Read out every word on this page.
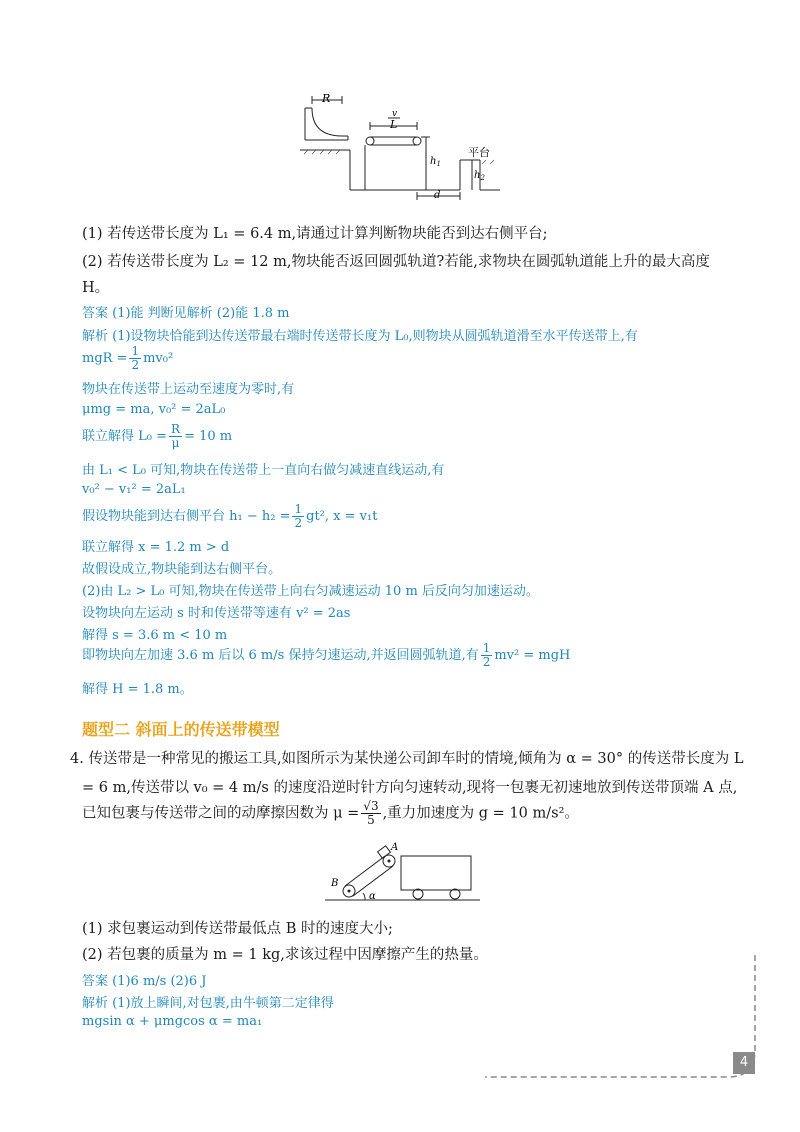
R
v
L
$h_1$
$h_2$
d
平台
(1) 若传送带长度为 L₁ = 6.4 m,请通过计算判断物块能否到达右侧平台;
(2) 若传送带长度为 L₂ = 12 m,物块能否返回圆弧轨道?若能,求物块在圆弧轨道能上升的最大高度
H。
答案 (1)能 判断见解析 (2)能 1.8 m
解析 (1)设物块恰能到达传送带最右端时传送带长度为 L₀,则物块从圆弧轨道滑至水平传送带上,有
mgR = $\frac{1}{2} mv_0^2$
物块在传送带上运动至速度为零时,有
μmg = ma, v₀² = 2aL₀
联立解得 $L_0 = \frac{R}{\mu} = 10$ m
由 L₁ < L₀ 可知,物块在传送带上一直向右做匀减速直线运动,有
v₀² − v₁² = 2aL₁
假设物块能到达右侧平台 $h_1 - h_2 = \frac{1}{2} gt^2$, x = v₁t
联立解得 x = 1.2 m > d
故假设成立,物块能到达右侧平台。
(2)由 L₂ > L₀ 可知,物块在传送带上向右匀减速运动 10 m 后反向匀加速运动。
设物块向左运动 s 时和传送带等速有 v² = 2as
解得 s = 3.6 m < 10 m
即物块向左加速 3.6 m 后以 6 m/s 保持匀速运动,并返回圆弧轨道,有 $\frac{1}{2} mv^2$ = mgH
解得 H = 1.8 m。
题型二 斜面上的传送带模型
4. 传送带是一种常见的搬运工具,如图所示为某快递公司卸车时的情境,倾角为 α = 30° 的传送带长度为 L
= 6 m,传送带以 v₀ = 4 m/s 的速度沿逆时针方向匀速转动,现将一包裹无初速地放到传送带顶端 A 点,
已知包裹与传送带之间的动摩擦因数为 $\mu = \frac{√3}{5}$ ,重力加速度为 g = 10 m/s²。
A
B
α
(1) 求包裹运动到传送带最低点 B 时的速度大小;
(2) 若包裹的质量为 m = 1 kg,求该过程中因摩擦产生的热量。
答案 (1)6 m/s (2)6 J
解析 (1)放上瞬间,对包裹,由牛顿第二定律得
mgsin α + μmgcos α = ma₁
4
